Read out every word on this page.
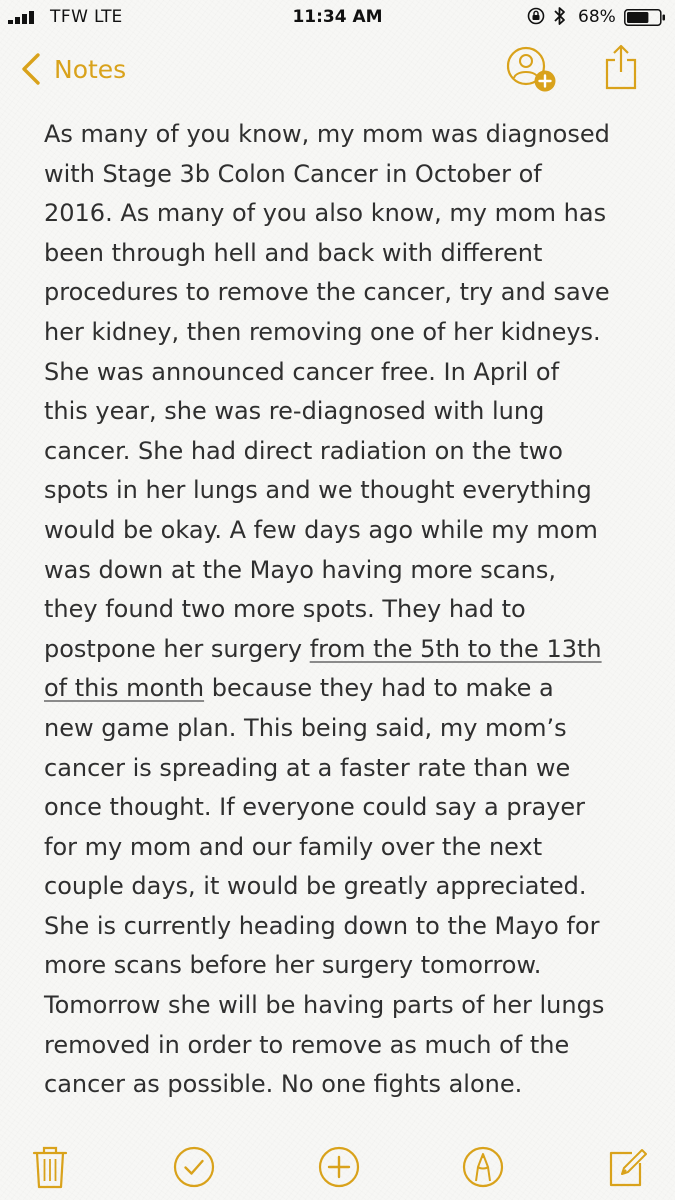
TFW LTE	11:34 AM	68%
Notes
As many of you know, my mom was diagnosed
with Stage 3b Colon Cancer in October of
2016. As many of you also know, my mom has
been through hell and back with different
procedures to remove the cancer, try and save
her kidney, then removing one of her kidneys.
She was announced cancer free. In April of
this year, she was re-diagnosed with lung
cancer. She had direct radiation on the two
spots in her lungs and we thought everything
would be okay. A few days ago while my mom
was down at the Mayo having more scans,
they found two more spots. They had to
postpone her surgery from the 5th to the 13th
of this month because they had to make a
new game plan. This being said, my mom’s
cancer is spreading at a faster rate than we
once thought. If everyone could say a prayer
for my mom and our family over the next
couple days, it would be greatly appreciated.
She is currently heading down to the Mayo for
more scans before her surgery tomorrow.
Tomorrow she will be having parts of her lungs
removed in order to remove as much of the
cancer as possible. No one fights alone.
